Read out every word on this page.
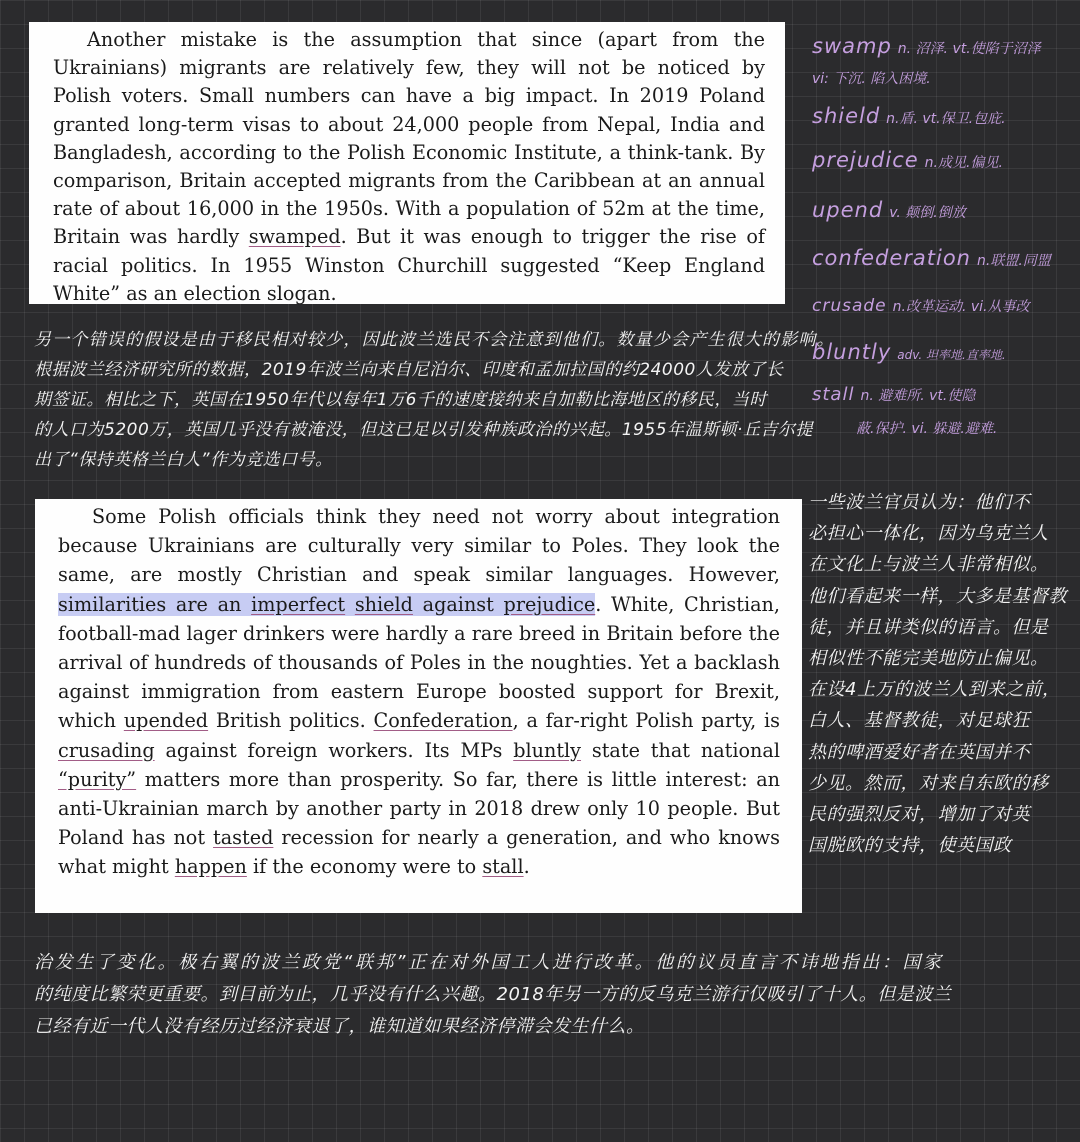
Another mistake is the assumption that since (apart from the Ukrainians) migrants are relatively few, they will not be noticed by Polish voters. Small numbers can have a big impact. In 2019 Poland granted long-term visas to about 24,000 people from Nepal, India and Bangladesh, according to the Polish Economic Institute, a think-tank. By comparison, Britain accepted migrants from the Caribbean at an annual rate of about 16,000 in the 1950s. With a population of 52m at the time, Britain was hardly swamped. But it was enough to trigger the rise of racial politics. In 1955 Winston Churchill suggested “Keep England White” as an election slogan.

另一个错误的假设是由于移民相对较少，因此波兰选民不会注意到他们。数量少会产生很大的影响。
根据波兰经济研究所的数据，2019年波兰向来自尼泊尔、印度和孟加拉国的约24000人发放了长
期签证。相比之下，英国在1950年代以每年1万6千的速度接纳来自加勒比海地区的移民，当时
的人口为5200万，英国几乎没有被淹没，但这已足以引发种族政治的兴起。1955年温斯顿·丘吉尔提
出了“保持英格兰白人”作为竞选口号。
swamp n. 沼泽. vt.使陷于沼泽
vi: 下沉. 陷入困境.
shield n.盾. vt.保卫.包庇.
prejudice n.成见.偏见.
upend v. 颠倒.倒放
confederation n.联盟.同盟
crusade n.改革运动. vi.从事改
bluntly adv. 坦率地.直率地.
stall n. 避难所. vt.使隐
蔽.保护. vi. 躲避.避难.

Some Polish officials think they need not worry about integration because Ukrainians are culturally very similar to Poles. They look the same, are mostly Christian and speak similar languages. However, similarities are an imperfect shield against prejudice. White, Christian, football-mad lager drinkers were hardly a rare breed in Britain before the arrival of hundreds of thousands of Poles in the noughties. Yet a backlash against immigration from eastern Europe boosted support for Brexit, which upended British politics. Confederation, a far-right Polish party, is crusading against foreign workers. Its MPs bluntly state that national “purity” matters more than prosperity. So far, there is little interest: an anti-Ukrainian march by another party in 2018 drew only 10 people. But Poland has not tasted recession for nearly a generation, and who knows what might happen if the economy were to stall.

一些波兰官员认为：他们不
必担心一体化，因为乌克兰人
在文化上与波兰人非常相似。
他们看起来一样，大多是基督教
徒，并且讲类似的语言。但是
相似性不能完美地防止偏见。
在设4上万的波兰人到来之前，
白人、基督教徒，对足球狂
热的啤酒爱好者在英国并不
少见。然而，对来自东欧的移
民的强烈反对，增加了对英
国脱欧的支持，使英国政
治发生了变化。极右翼的波兰政党“联邦”正在对外国工人进行改革。他的议员直言不讳地指出：国家
的纯度比繁荣更重要。到目前为止，几乎没有什么兴趣。2018年另一方的反乌克兰游行仅吸引了十人。但是波兰
已经有近一代人没有经历过经济衰退了，谁知道如果经济停滞会发生什么。
